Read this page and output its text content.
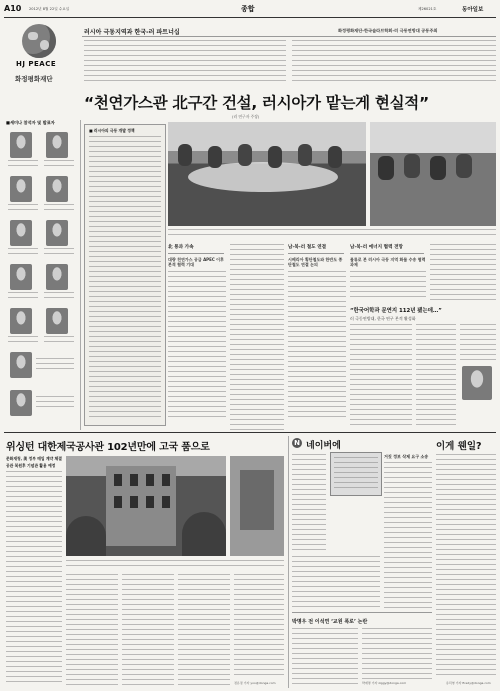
A10 2012년 8월 22일 수요일	종합	제26021호	동아일보
HJ PEACE
화정평화재단
러시아 극동지역과 한국-러 파트너십	화정평화재단-한국슬라브학회-러 극동연방대 공동주최
“천연가스관 北구간 건설, 러시아가 맡는게 현실적”
(러 연구자 주장)
■세미나 참석자 및 발표자
■ 러시아의 극동 개발 정책
北 통과 가속
대량 천연가스 공급 APEC 이후 본격 협력 기대
남-북-러 철도 연결
시베리아 횡단철도와 한반도 종단철도 연결 논의
남-북-러 에너지 협력 전망
물류로 본 러시아 극동 지역 화물 수송 협력 과제
“한국어학과 문연지 112년 됐는데…”
러 극동연방대, 한국 연구 본격 활성화
위싱턴 대한제국공사관 102년만에 고국 품으로
문화재청, 美 정부 매입 계약 체결
공관 복원후 기념관 활용 예정
정유정 기자 yoo@donga.com
N 네이버에
거짓 정보 삭제 요구 소송
박명우 전 이석연 ‘교원 폭로’ 논란
박재명 기자 ziggy@donga.com
이게 웬일?
유덕영 기자 firedy@donga.com
